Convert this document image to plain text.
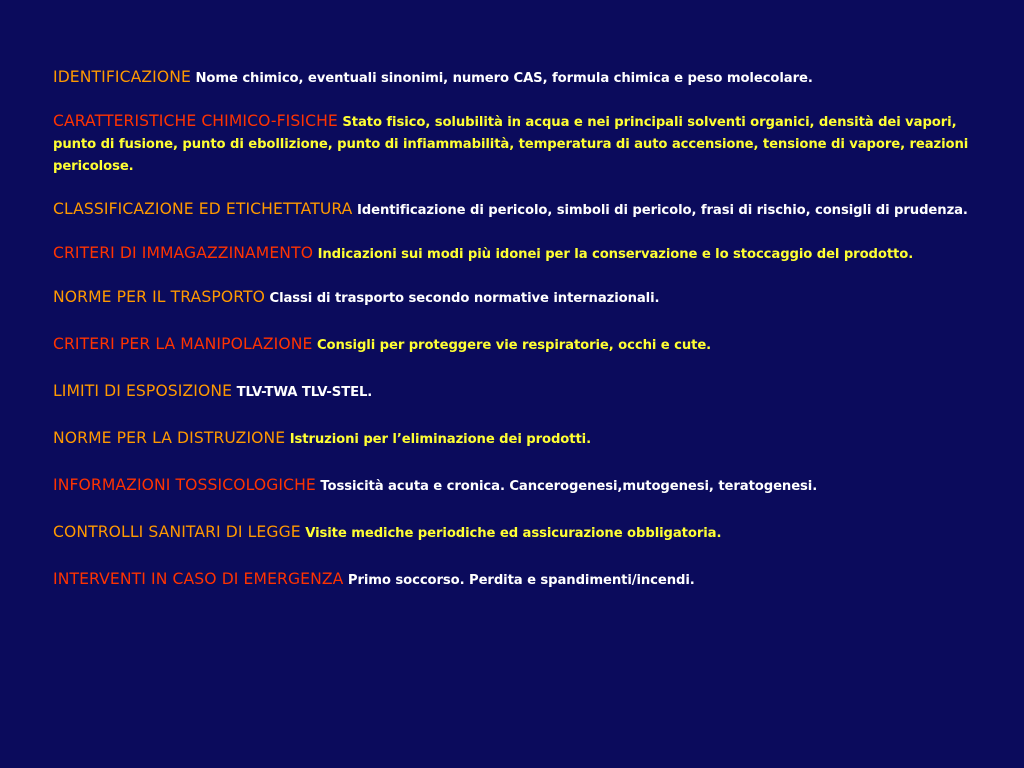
IDENTIFICAZIONE Nome chimico, eventuali sinonimi, numero CAS, formula chimica e peso molecolare.

CARATTERISTICHE CHIMICO-FISICHE Stato fisico, solubilità in acqua e nei principali solventi organici, densità dei vapori, punto di fusione, punto di ebollizione, punto di infiammabilità, temperatura di auto accensione, tensione di vapore, reazioni pericolose.

CLASSIFICAZIONE ED ETICHETTATURA Identificazione di pericolo, simboli di pericolo, frasi di rischio, consigli di prudenza.

CRITERI DI IMMAGAZZINAMENTO Indicazioni sui modi più idonei per la conservazione e lo stoccaggio del prodotto.

NORME PER IL TRASPORTO Classi di trasporto secondo normative internazionali.

CRITERI PER LA MANIPOLAZIONE Consigli per proteggere vie respiratorie, occhi e cute.

LIMITI DI ESPOSIZIONE TLV-TWA TLV-STEL.

NORME PER LA DISTRUZIONE Istruzioni per l’eliminazione dei prodotti.

INFORMAZIONI TOSSICOLOGICHE Tossicità acuta e cronica. Cancerogenesi,mutogenesi, teratogenesi.

CONTROLLI SANITARI DI LEGGE Visite mediche periodiche ed assicurazione obbligatoria.

INTERVENTI IN CASO DI EMERGENZA Primo soccorso. Perdita e spandimenti/incendi.
